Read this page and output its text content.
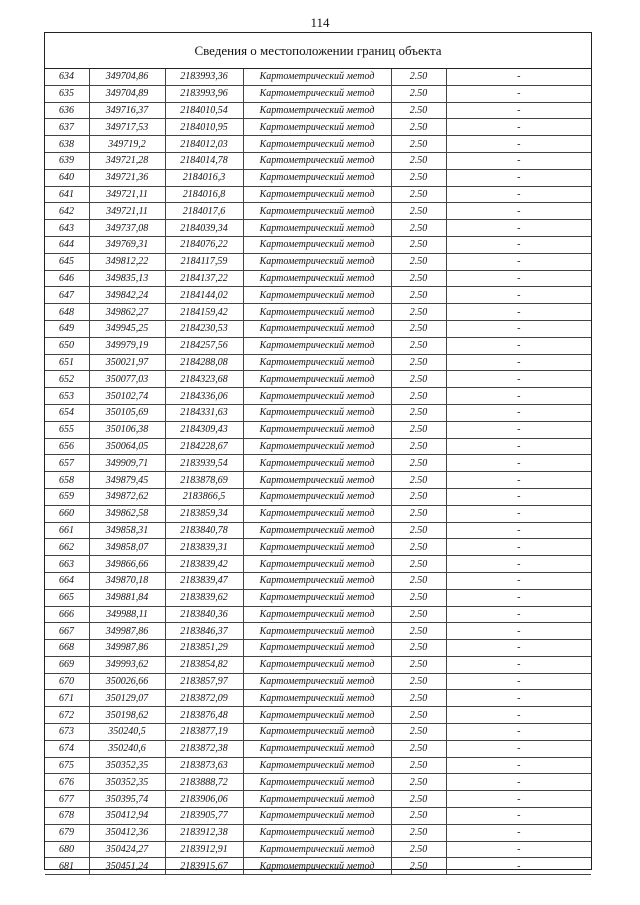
114
Сведения о местоположении границ объекта
634	349704,86	2183993,36	Картометрический метод	2.50	-
635	349704,89	2183993,96	Картометрический метод	2.50	-
636	349716,37	2184010,54	Картометрический метод	2.50	-
637	349717,53	2184010,95	Картометрический метод	2.50	-
638	349719,2	2184012,03	Картометрический метод	2.50	-
639	349721,28	2184014,78	Картометрический метод	2.50	-
640	349721,36	2184016,3	Картометрический метод	2.50	-
641	349721,11	2184016,8	Картометрический метод	2.50	-
642	349721,11	2184017,6	Картометрический метод	2.50	-
643	349737,08	2184039,34	Картометрический метод	2.50	-
644	349769,31	2184076,22	Картометрический метод	2.50	-
645	349812,22	2184117,59	Картометрический метод	2.50	-
646	349835,13	2184137,22	Картометрический метод	2.50	-
647	349842,24	2184144,02	Картометрический метод	2.50	-
648	349862,27	2184159,42	Картометрический метод	2.50	-
649	349945,25	2184230,53	Картометрический метод	2.50	-
650	349979,19	2184257,56	Картометрический метод	2.50	-
651	350021,97	2184288,08	Картометрический метод	2.50	-
652	350077,03	2184323,68	Картометрический метод	2.50	-
653	350102,74	2184336,06	Картометрический метод	2.50	-
654	350105,69	2184331,63	Картометрический метод	2.50	-
655	350106,38	2184309,43	Картометрический метод	2.50	-
656	350064,05	2184228,67	Картометрический метод	2.50	-
657	349909,71	2183939,54	Картометрический метод	2.50	-
658	349879,45	2183878,69	Картометрический метод	2.50	-
659	349872,62	2183866,5	Картометрический метод	2.50	-
660	349862,58	2183859,34	Картометрический метод	2.50	-
661	349858,31	2183840,78	Картометрический метод	2.50	-
662	349858,07	2183839,31	Картометрический метод	2.50	-
663	349866,66	2183839,42	Картометрический метод	2.50	-
664	349870,18	2183839,47	Картометрический метод	2.50	-
665	349881,84	2183839,62	Картометрический метод	2.50	-
666	349988,11	2183840,36	Картометрический метод	2.50	-
667	349987,86	2183846,37	Картометрический метод	2.50	-
668	349987,86	2183851,29	Картометрический метод	2.50	-
669	349993,62	2183854,82	Картометрический метод	2.50	-
670	350026,66	2183857,97	Картометрический метод	2.50	-
671	350129,07	2183872,09	Картометрический метод	2.50	-
672	350198,62	2183876,48	Картометрический метод	2.50	-
673	350240,5	2183877,19	Картометрический метод	2.50	-
674	350240,6	2183872,38	Картометрический метод	2.50	-
675	350352,35	2183873,63	Картометрический метод	2.50	-
676	350352,35	2183888,72	Картометрический метод	2.50	-
677	350395,74	2183906,06	Картометрический метод	2.50	-
678	350412,94	2183905,77	Картометрический метод	2.50	-
679	350412,36	2183912,38	Картометрический метод	2.50	-
680	350424,27	2183912,91	Картометрический метод	2.50	-
681	350451,24	2183915,67	Картометрический метод	2.50	-
